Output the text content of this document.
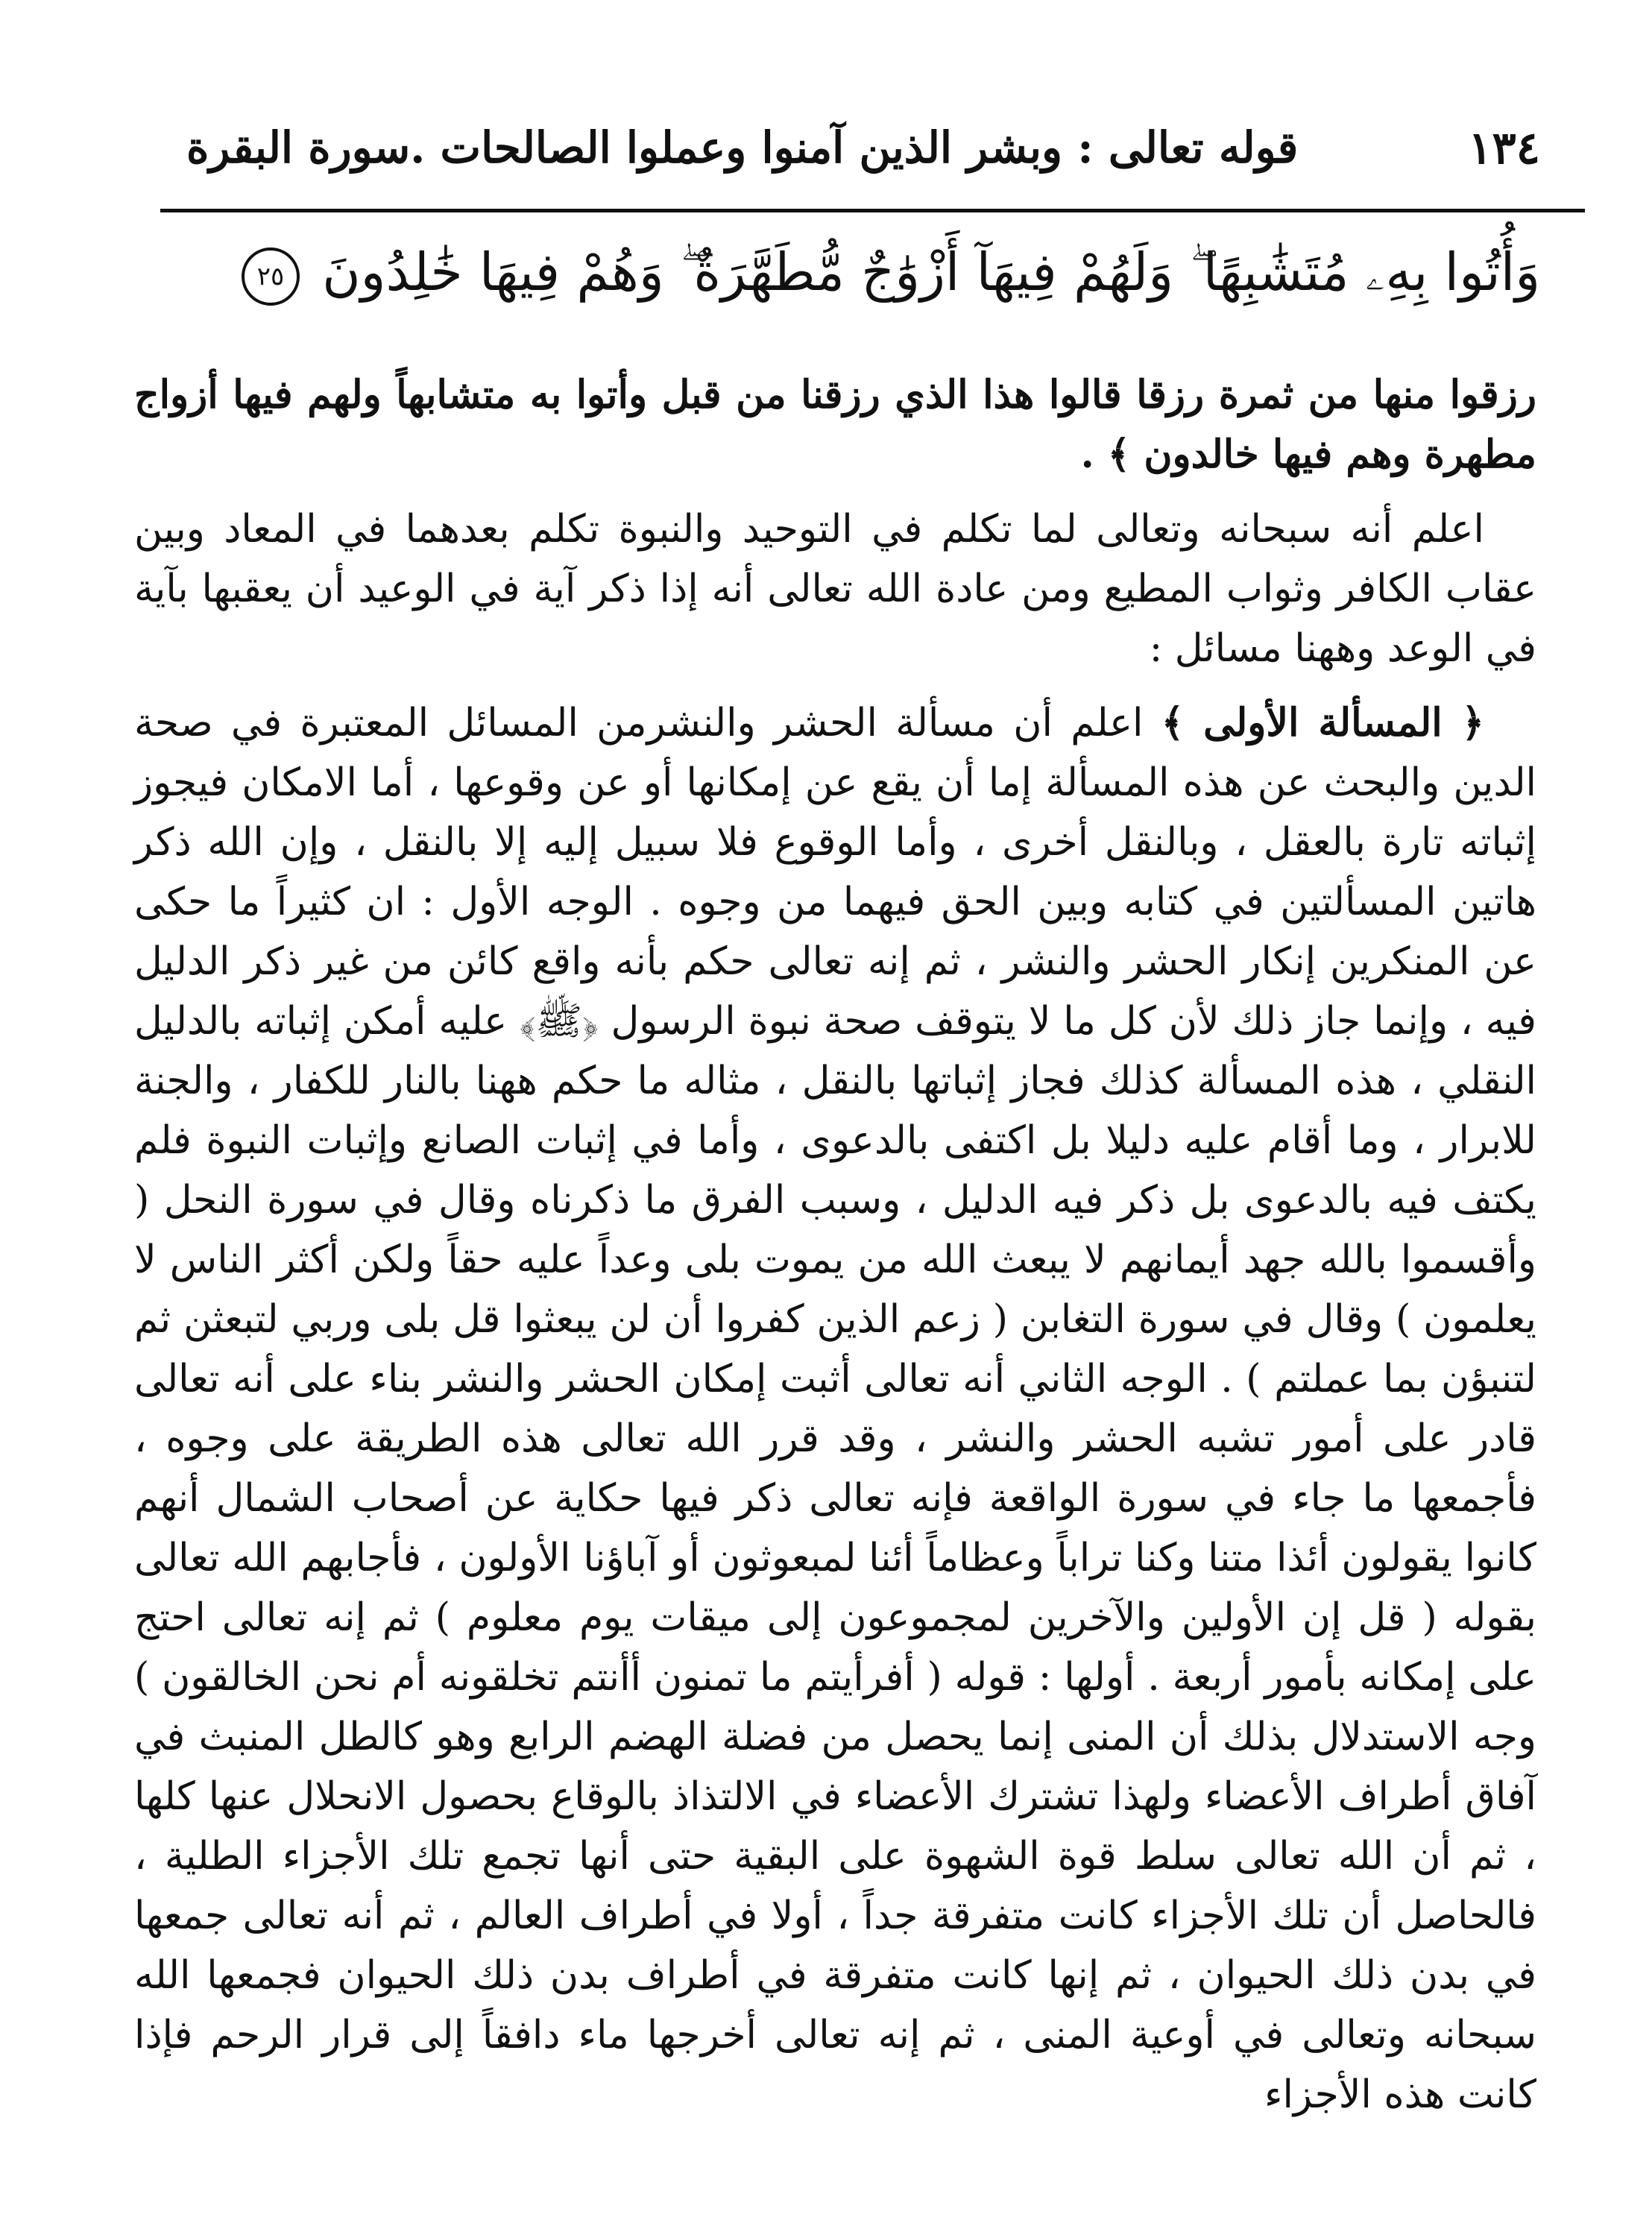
١٣٤
قوله تعالى : وبشر الذين آمنوا وعملوا الصالحات .سورة البقرة
وَأُتُوا بِهِۦ مُتَشَٰبِهًا ۖ وَلَهُمْ فِيهَآ أَزْوَٰجٌ مُّطَهَّرَةٌ ۖ وَهُمْ فِيهَا خَٰلِدُونَ ٢٥

رزقوا منها من ثمرة رزقا قالوا هذا الذي رزقنا من قبل وأتوا به متشابهاً ولهم فيها أزواج مطهرة وهم فيها خالدون ﴾ .

اعلم أنه سبحانه وتعالى لما تكلم في التوحيد والنبوة تكلم بعدهما في المعاد وبين عقاب الكافر وثواب المطيع ومن عادة الله تعالى أنه إذا ذكر آية في الوعيد أن يعقبها بآية في الوعد وههنا مسائل :

﴿ المسألة الأولى ﴾ اعلم أن مسألة الحشر والنشرمن المسائل المعتبرة في صحة الدين والبحث عن هذه المسألة إما أن يقع عن إمكانها أو عن وقوعها ، أما الامكان فيجوز إثباته تارة بالعقل ، وبالنقل أخرى ، وأما الوقوع فلا سبيل إليه إلا بالنقل ، وإن الله ذكر هاتين المسألتين في كتابه وبين الحق فيهما من وجوه . الوجه الأول : ان كثيراً ما حكى عن المنكرين إنكار الحشر والنشر ، ثم إنه تعالى حكم بأنه واقع كائن من غير ذكر الدليل فيه ، وإنما جاز ذلك لأن كل ما لا يتوقف صحة نبوة الرسول ﴿ﷺ﴾ عليه أمكن إثباته بالدليل النقلي ، هذه المسألة كذلك فجاز إثباتها بالنقل ، مثاله ما حكم ههنا بالنار للكفار ، والجنة للابرار ، وما أقام عليه دليلا بل اكتفى بالدعوى ، وأما في إثبات الصانع وإثبات النبوة فلم يكتف فيه بالدعوى بل ذكر فيه الدليل ، وسبب الفرق ما ذكرناه وقال في سورة النحل ( وأقسموا بالله جهد أيمانهم لا يبعث الله من يموت بلى وعداً عليه حقاً ولكن أكثر الناس لا يعلمون ) وقال في سورة التغابن ( زعم الذين كفروا أن لن يبعثوا قل بلى وربي لتبعثن ثم لتنبؤن بما عملتم ) . الوجه الثاني أنه تعالى أثبت إمكان الحشر والنشر بناء على أنه تعالى قادر على أمور تشبه الحشر والنشر ، وقد قرر الله تعالى هذه الطريقة على وجوه ، فأجمعها ما جاء في سورة الواقعة فإنه تعالى ذكر فيها حكاية عن أصحاب الشمال أنهم كانوا يقولون أئذا متنا وكنا تراباً وعظاماً أئنا لمبعوثون أو آباؤنا الأولون ، فأجابهم الله تعالى بقوله ( قل إن الأولين والآخرين لمجموعون إلى ميقات يوم معلوم ) ثم إنه تعالى احتج على إمكانه بأمور أربعة . أولها : قوله ( أفرأيتم ما تمنون أأنتم تخلقونه أم نحن الخالقون ) وجه الاستدلال بذلك أن المنى إنما يحصل من فضلة الهضم الرابع وهو كالطل المنبث في آفاق أطراف الأعضاء ولهذا تشترك الأعضاء في الالتذاذ بالوقاع بحصول الانحلال عنها كلها ، ثم أن الله تعالى سلط قوة الشهوة على البقية حتى أنها تجمع تلك الأجزاء الطلية ، فالحاصل أن تلك الأجزاء كانت متفرقة جداً ، أولا في أطراف العالم ، ثم أنه تعالى جمعها في بدن ذلك الحيوان ، ثم إنها كانت متفرقة في أطراف بدن ذلك الحيوان فجمعها الله سبحانه وتعالى في أوعية المنى ، ثم إنه تعالى أخرجها ماء دافقاً إلى قرار الرحم فإذا كانت هذه الأجزاء
